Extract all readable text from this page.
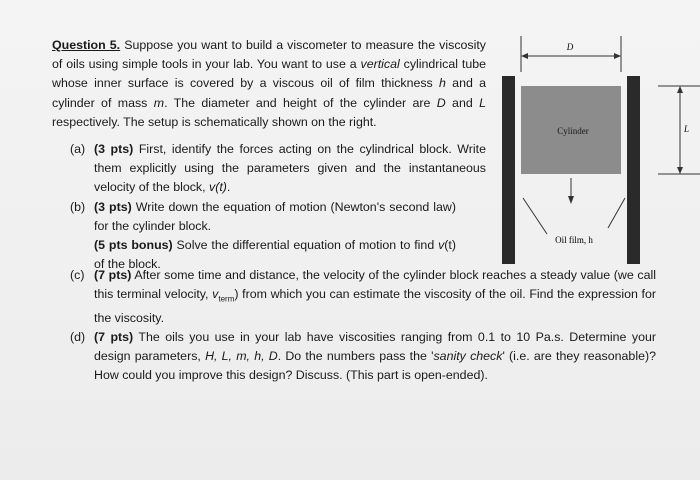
Question 5. Suppose you want to build a viscometer to measure the viscosity of oils using simple tools in your lab. You want to use a vertical cylindrical tube whose inner surface is covered by a viscous oil of film thickness h and a cylinder of mass m. The diameter and height of the cylinder are D and L respectively. The setup is schematically shown on the right.

(a) (3 pts) First, identify the forces acting on the cylindrical block. Write them explicitly using the parameters given and the instantaneous velocity of the block, v(t).
(b) (3 pts) Write down the equation of motion (Newton's second law) for the cylinder block.
(5 pts bonus) Solve the differential equation of motion to find v(t) of the block.
(c) (7 pts) After some time and distance, the velocity of the cylinder block reaches a steady value (we call this terminal velocity, $v_{term}$) from which you can estimate the viscosity of the oil. Find the expression for the viscosity.
(d) (7 pts) The oils you use in your lab have viscosities ranging from 0.1 to 10 Pa.s. Determine your design parameters, H, L, m, h, D. Do the numbers pass the 'sanity check' (i.e. are they reasonable)? How could you improve this design? Discuss. (This part is open-ended).
D
Cylinder
Oil film, h
L
